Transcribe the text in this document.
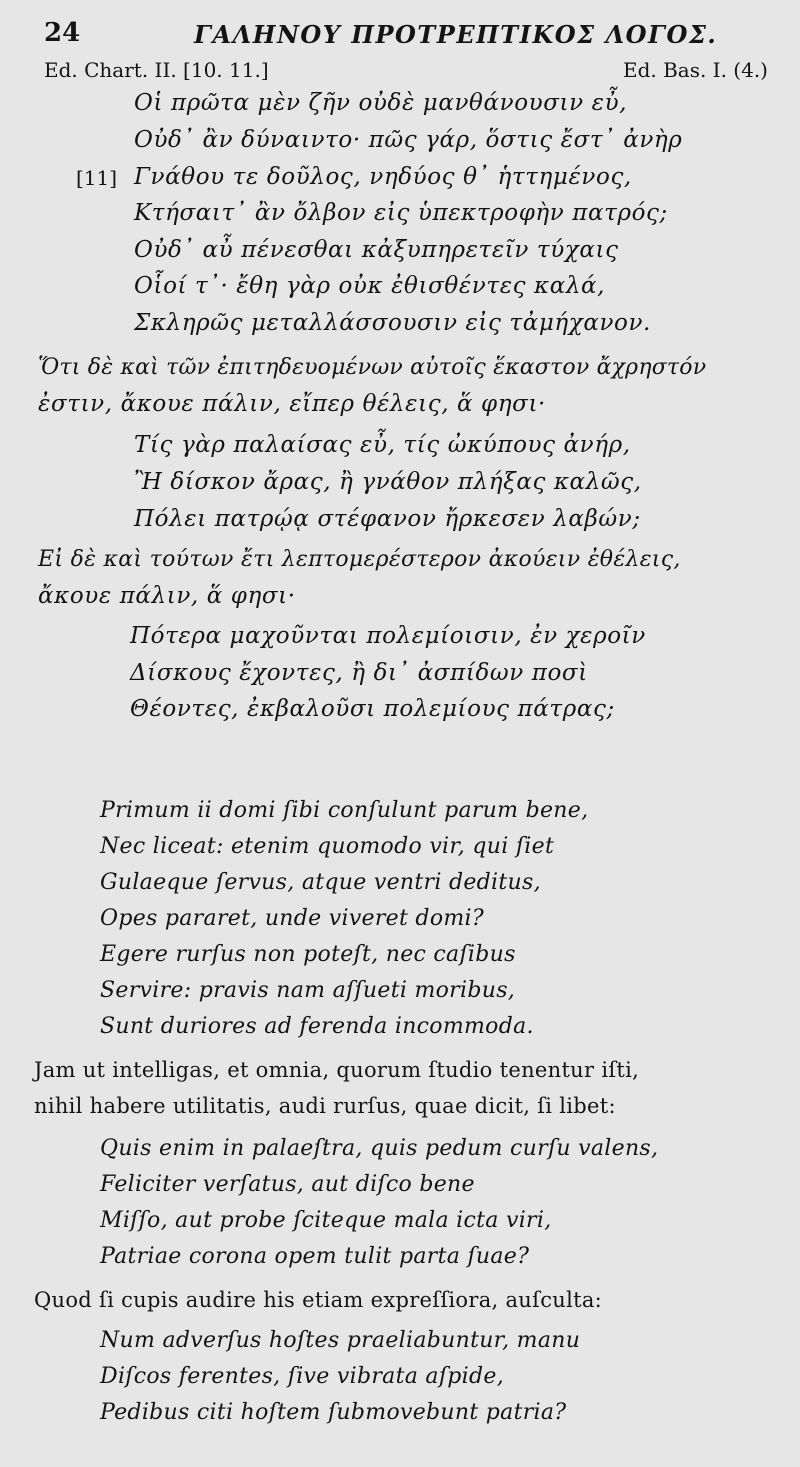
24	ΓΑΛΗΝΟΥ ΠΡΟΤΡΕΠΤΙΚΟΣ ΛΟΓΟΣ.
Ed. Chart. II. [10. 11.]	Ed. Bas. I. (4.)
Οἱ πρῶτα μὲν ζῆν οὐδὲ μανθάνουσιν εὖ,
Οὐδ᾽ ἂν δύναιντο· πῶς γάρ, ὅστις ἔστ᾽ ἀνὴρ
[11] Γνάθου τε δοῦλος, νηδύος θ᾽ ἡττημένος,
Κτήσαιτ᾽ ἂν ὄλβον εἰς ὑπεκτροφὴν πατρός;
Οὐδ᾽ αὖ πένεσθαι κἀξυπηρετεῖν τύχαις
Οἷοί τ᾽· ἔθη γὰρ οὐκ ἐθισθέντες καλά,
Σκληρῶς μεταλλάσσουσιν εἰς τἀμήχανον.
Ὅτι δὲ καὶ τῶν ἐπιτηδευομένων αὐτοῖς ἕκαστον ἄχρηστόν
ἐστιν, ἄκουε πάλιν, εἴπερ θέλεις, ἅ φησι·
Τίς γὰρ παλαίσας εὖ, τίς ὠκύπους ἀνήρ,
Ἢ δίσκον ἄρας, ἢ γνάθον πλήξας καλῶς,
Πόλει πατρῴᾳ στέφανον ἤρκεσεν λαβών;
Εἰ δὲ καὶ τούτων ἔτι λεπτομερέστερον ἀκούειν ἐθέλεις,
ἄκουε πάλιν, ἅ φησι·
Πότερα μαχοῦνται πολεμίοισιν, ἐν χεροῖν
Δίσκους ἔχοντες, ἢ δι᾽ ἀσπίδων ποσὶ
Θέοντες, ἐκβαλοῦσι πολεμίους πάτρας;
Primum ii domi ſibi conſulunt parum bene,
Nec liceat: etenim quomodo vir, qui ſiet
Gulaeque ſervus, atque ventri deditus,
Opes pararet, unde viveret domi?
Egere rurſus non poteſt, nec caſibus
Servire: pravis nam aſſueti moribus,
Sunt duriores ad ferenda incommoda.
Jam ut intelligas, et omnia, quorum ſtudio tenentur iſti,
nihil habere utilitatis, audi rurſus, quae dicit, ſi libet:
Quis enim in palaeſtra, quis pedum curſu valens,
Feliciter verſatus, aut diſco bene
Miſſo, aut probe ſciteque mala icta viri,
Patriae corona opem tulit parta ſuae?
Quod ſi cupis audire his etiam expreſſiora, auſculta:
Num adverſus hoſtes praeliabuntur, manu
Diſcos ferentes, ſive vibrata aſpide,
Pedibus citi hoſtem ſubmovebunt patria?
